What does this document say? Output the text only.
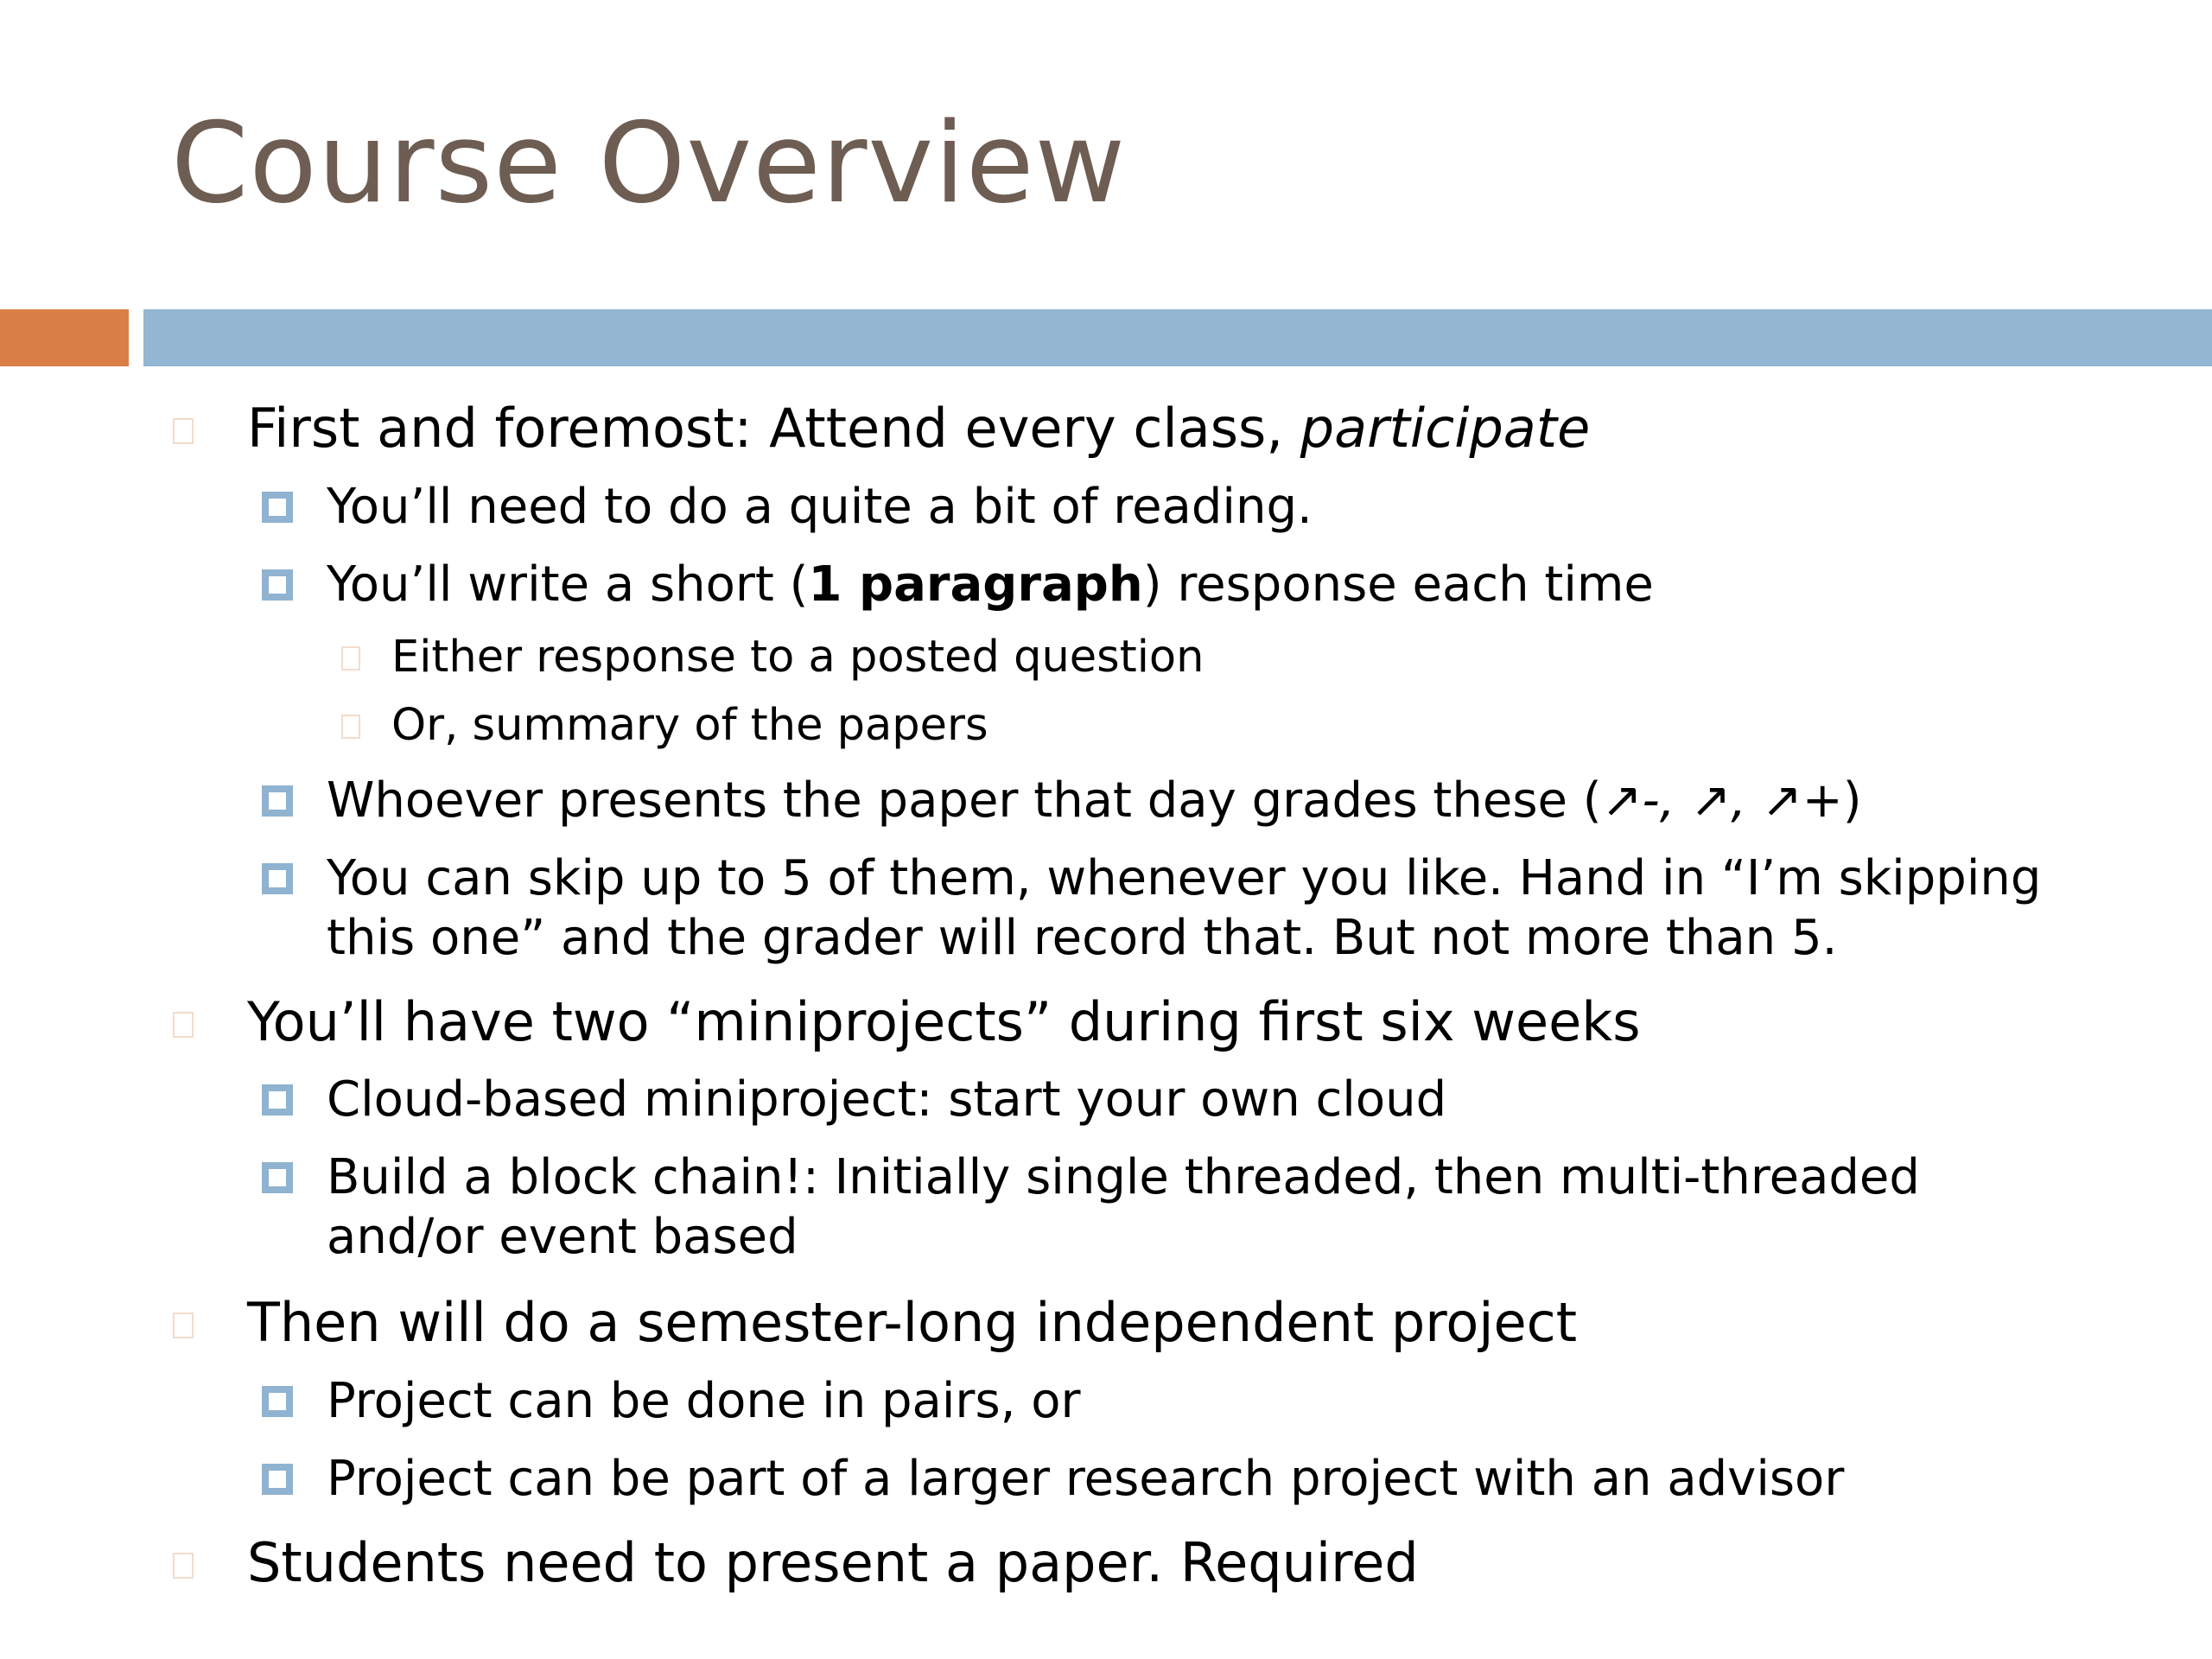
Course Overview
First and foremost: Attend every class, participate
You’ll need to do a quite a bit of reading.
You’ll write a short (1 paragraph) response each time
Either response to a posted question
Or, summary of the papers
Whoever presents the paper that day grades these (↗-, ↗, ↗+)
You can skip up to 5 of them, whenever you like. Hand in “I’m skipping
this one” and the grader will record that. But not more than 5.
You’ll have two “miniprojects” during first six weeks
Cloud-based miniproject: start your own cloud
Build a block chain!: Initially single threaded, then multi-threaded
and/or event based
Then will do a semester-long independent project
Project can be done in pairs, or
Project can be part of a larger research project with an advisor
Students need to present a paper. Required
